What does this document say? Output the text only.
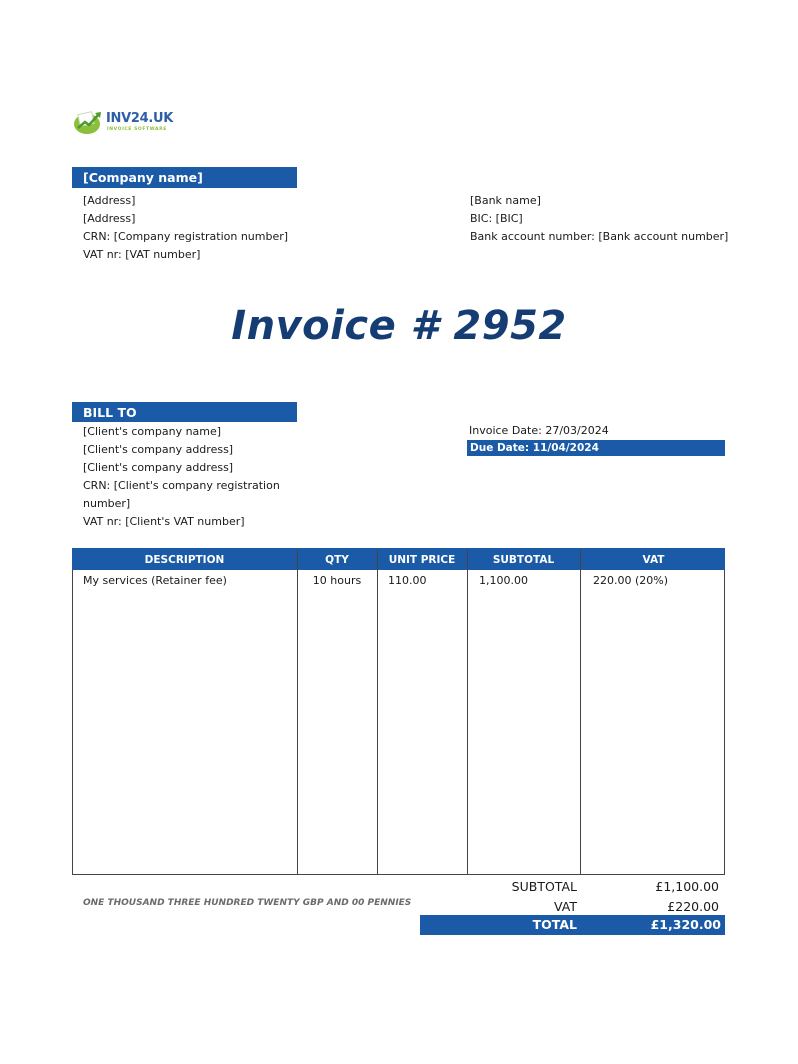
INV24.UK
INVOICE SOFTWARE
[Company name]
[Address]
[Address]
CRN: [Company registration number]
VAT nr: [VAT number]
[Bank name]
BIC: [BIC]
Bank account number: [Bank account number]
Invoice # 2952
BILL TO
[Client's company name]
[Client's company address]
[Client's company address]
CRN: [Client's company registration
number]
VAT nr: [Client's VAT number]
Invoice Date: 27/03/2024
Due Date: 11/04/2024
DESCRIPTION	QTY	UNIT PRICE	SUBTOTAL	VAT
My services (Retainer fee)	10 hours	110.00	1,100.00	220.00 (20%)
ONE THOUSAND THREE HUNDRED TWENTY GBP AND 00 PENNIES
SUBTOTAL	£1,100.00
VAT	£220.00
TOTAL	£1,320.00
